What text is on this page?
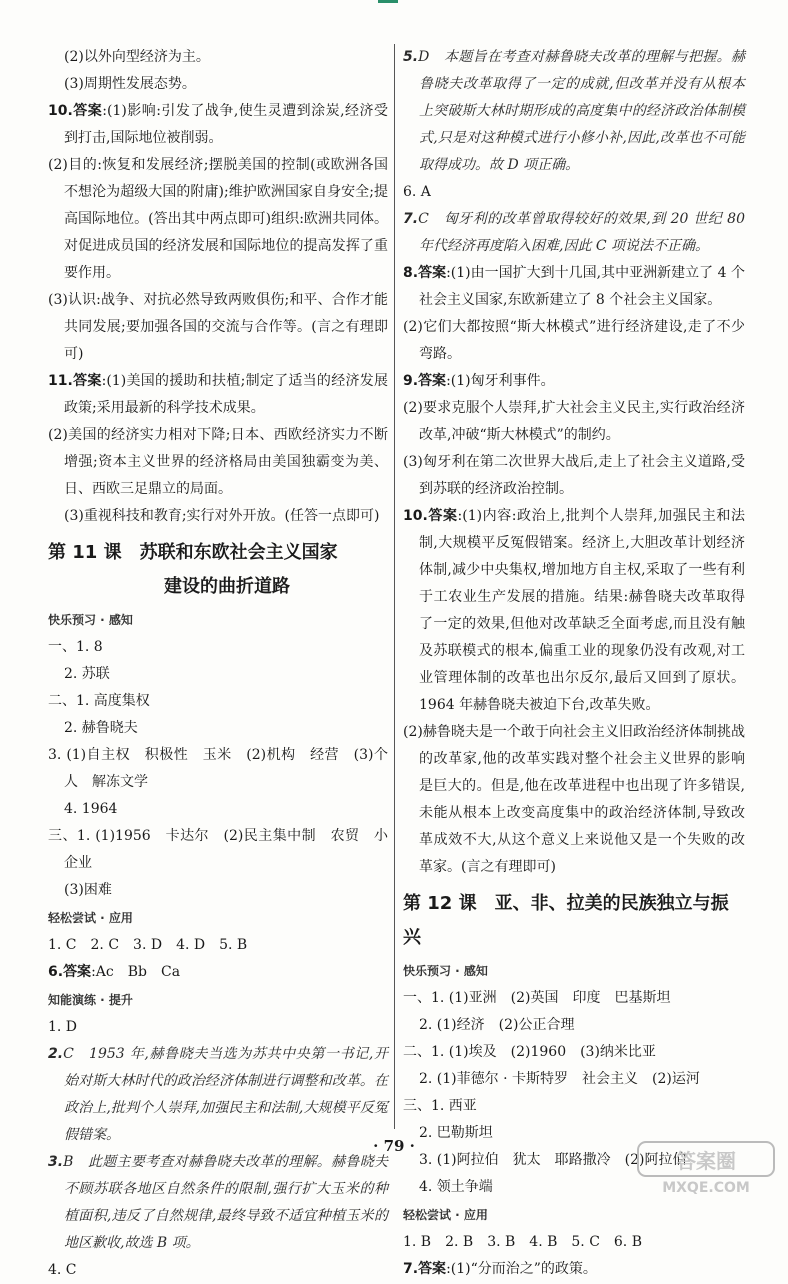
(2)以外向型经济为主。

(3)周期性发展态势。

10.答案:(1)影响:引发了战争,使生灵遭到涂炭,经济受到打击,国际地位被削弱。

(2)目的:恢复和发展经济;摆脱美国的控制(或欧洲各国不想沦为超级大国的附庸);维护欧洲国家自身安全;提高国际地位。(答出其中两点即可)组织:欧洲共同体。对促进成员国的经济发展和国际地位的提高发挥了重要作用。

(3)认识:战争、对抗必然导致两败俱伤;和平、合作才能共同发展;要加强各国的交流与合作等。(言之有理即可)

11.答案:(1)美国的援助和扶植;制定了适当的经济发展政策;采用最新的科学技术成果。

(2)美国的经济实力相对下降;日本、西欧经济实力不断增强;资本主义世界的经济格局由美国独霸变为美、日、西欧三足鼎立的局面。

(3)重视科技和教育;实行对外开放。(任答一点即可)

第 11 课　苏联和东欧社会主义国家
建设的曲折道路
快乐预习 · 感知

一、1. 8

2. 苏联

二、1. 高度集权

2. 赫鲁晓夫

3. (1)自主权　积极性　玉米　(2)机构　经营　(3)个人　解冻文学

4. 1964

三、1. (1)1956　卡达尔　(2)民主集中制　农贸　小企业

(3)困难

轻松尝试 · 应用

1. C　2. C　3. D　4. D　5. B

6.答案:Ac　Bb　Ca

知能演练 · 提升

1. D

2.C　1953 年,赫鲁晓夫当选为苏共中央第一书记,开始对斯大林时代的政治经济体制进行调整和改革。在政治上,批判个人崇拜,加强民主和法制,大规模平反冤假错案。

3.B　此题主要考查对赫鲁晓夫改革的理解。赫鲁晓夫不顾苏联各地区自然条件的限制,强行扩大玉米的种植面积,违反了自然规律,最终导致不适宜种植玉米的地区歉收,故选 B 项。

4. C

5.D　本题旨在考查对赫鲁晓夫改革的理解与把握。赫鲁晓夫改革取得了一定的成就,但改革并没有从根本上突破斯大林时期形成的高度集中的经济政治体制模式,只是对这种模式进行小修小补,因此,改革也不可能取得成功。故 D 项正确。

6. A

7.C　匈牙利的改革曾取得较好的效果,到 20 世纪 80 年代经济再度陷入困难,因此 C 项说法不正确。

8.答案:(1)由一国扩大到十几国,其中亚洲新建立了 4 个社会主义国家,东欧新建立了 8 个社会主义国家。

(2)它们大都按照“斯大林模式”进行经济建设,走了不少弯路。

9.答案:(1)匈牙利事件。

(2)要求克服个人崇拜,扩大社会主义民主,实行政治经济改革,冲破“斯大林模式”的制约。

(3)匈牙利在第二次世界大战后,走上了社会主义道路,受到苏联的经济政治控制。

10.答案:(1)内容:政治上,批判个人崇拜,加强民主和法制,大规模平反冤假错案。经济上,大胆改革计划经济体制,减少中央集权,增加地方自主权,采取了一些有利于工农业生产发展的措施。结果:赫鲁晓夫改革取得了一定的效果,但他对改革缺乏全面考虑,而且没有触及苏联模式的根本,偏重工业的现象仍没有改观,对工业管理体制的改革也出尔反尔,最后又回到了原状。1964 年赫鲁晓夫被迫下台,改革失败。

(2)赫鲁晓夫是一个敢于向社会主义旧政治经济体制挑战的改革家,他的改革实践对整个社会主义世界的影响是巨大的。但是,他在改革进程中也出现了许多错误,未能从根本上改变高度集中的政治经济体制,导致改革成效不大,从这个意义上来说他又是一个失败的改革家。(言之有理即可)

第 12 课　亚、非、拉美的民族独立与振兴
快乐预习 · 感知

一、1. (1)亚洲　(2)英国　印度　巴基斯坦

2. (1)经济　(2)公正合理

二、1. (1)埃及　(2)1960　(3)纳米比亚

2. (1)菲德尔 · 卡斯特罗　社会主义　(2)运河

三、1. 西亚

2. 巴勒斯坦

3. (1)阿拉伯　犹太　耶路撒冷　(2)阿拉伯

4. 领土争端

轻松尝试 · 应用

1. B　2. B　3. B　4. B　5. C　6. B

7.答案:(1)“分而治之”的政策。

· 79 ·
答案圈
MXQE.COM
